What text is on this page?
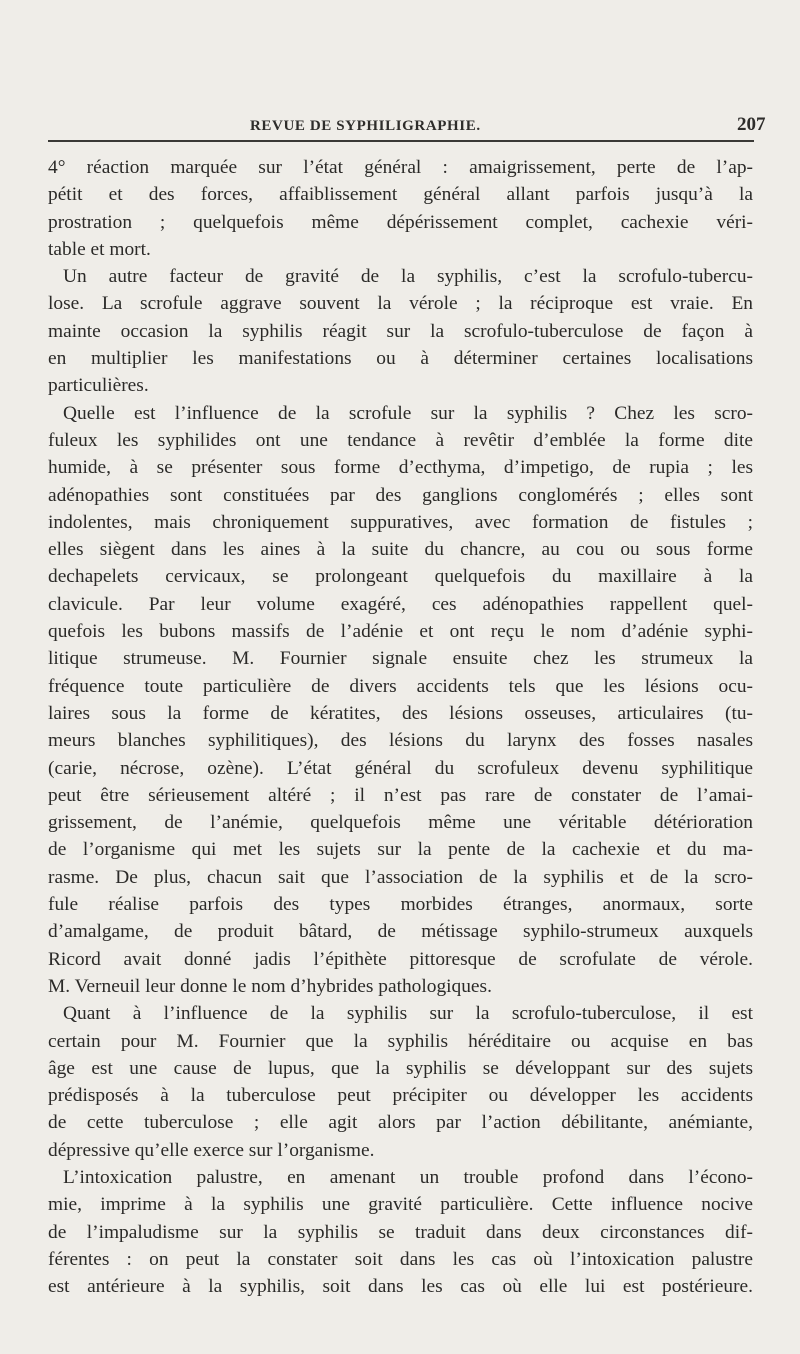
REVUE DE SYPHILIGRAPHIE.	207
4° réaction marquée sur l’état général : amaigrissement, perte de l’ap-
pétit et des forces, affaiblissement général allant parfois jusqu’à la
prostration ; quelquefois même dépérissement complet, cachexie véri-
table et mort.
Un autre facteur de gravité de la syphilis, c’est la scrofulo-tubercu-
lose. La scrofule aggrave souvent la vérole ; la réciproque est vraie. En
mainte occasion la syphilis réagit sur la scrofulo-tuberculose de façon à
en multiplier les manifestations ou à déterminer certaines localisations
particulières.
Quelle est l’influence de la scrofule sur la syphilis ? Chez les scro-
fuleux les syphilides ont une tendance à revêtir d’emblée la forme dite
humide, à se présenter sous forme d’ecthyma, d’impetigo, de rupia ; les
adénopathies sont constituées par des ganglions conglomérés ; elles sont
indolentes, mais chroniquement suppuratives, avec formation de fistules ;
elles siègent dans les aines à la suite du chancre, au cou ou sous forme
dechapelets cervicaux, se prolongeant quelquefois du maxillaire à la
clavicule. Par leur volume exagéré, ces adénopathies rappellent quel-
quefois les bubons massifs de l’adénie et ont reçu le nom d’adénie syphi-
litique strumeuse. M. Fournier signale ensuite chez les strumeux la
fréquence toute particulière de divers accidents tels que les lésions ocu-
laires sous la forme de kératites, des lésions osseuses, articulaires (tu-
meurs blanches syphilitiques), des lésions du larynx des fosses nasales
(carie, nécrose, ozène). L’état général du scrofuleux devenu syphilitique
peut être sérieusement altéré ; il n’est pas rare de constater de l’amai-
grissement, de l’anémie, quelquefois même une véritable détérioration
de l’organisme qui met les sujets sur la pente de la cachexie et du ma-
rasme. De plus, chacun sait que l’association de la syphilis et de la scro-
fule réalise parfois des types morbides étranges, anormaux, sorte
d’amalgame, de produit bâtard, de métissage syphilo-strumeux auxquels
Ricord avait donné jadis l’épithète pittoresque de scrofulate de vérole.
M. Verneuil leur donne le nom d’hybrides pathologiques.
Quant à l’influence de la syphilis sur la scrofulo-tuberculose, il est
certain pour M. Fournier que la syphilis héréditaire ou acquise en bas
âge est une cause de lupus, que la syphilis se développant sur des sujets
prédisposés à la tuberculose peut précipiter ou développer les accidents
de cette tuberculose ; elle agit alors par l’action débilitante, anémiante,
dépressive qu’elle exerce sur l’organisme.
L’intoxication palustre, en amenant un trouble profond dans l’écono-
mie, imprime à la syphilis une gravité particulière. Cette influence nocive
de l’impaludisme sur la syphilis se traduit dans deux circonstances dif-
férentes : on peut la constater soit dans les cas où l’intoxication palustre
est antérieure à la syphilis, soit dans les cas où elle lui est postérieure.
